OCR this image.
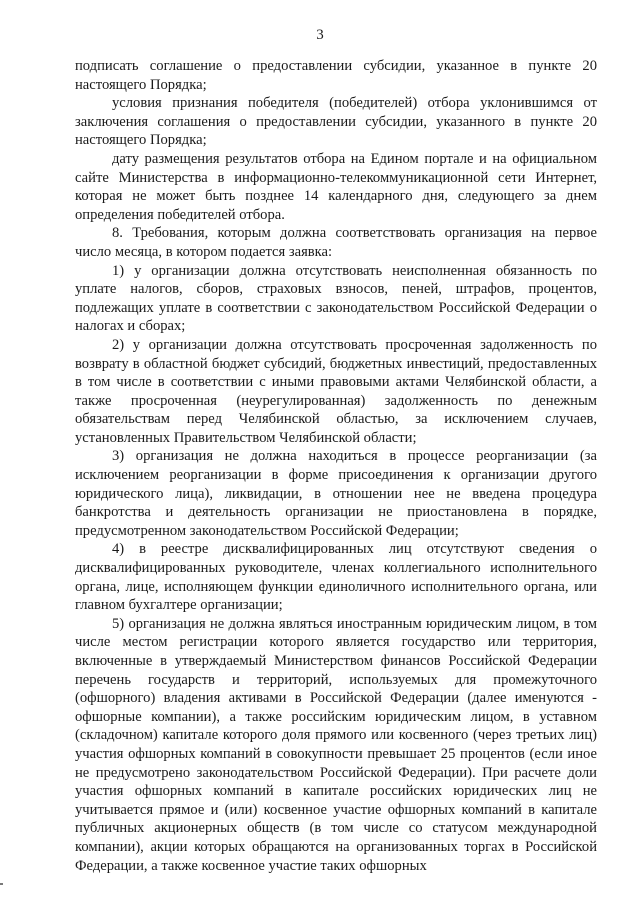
3

подписать соглашение о предоставлении субсидии, указанное в пункте 20 настоящего Порядка;

условия признания победителя (победителей) отбора уклонившимся от заключения соглашения о предоставлении субсидии, указанного в пункте 20 настоящего Порядка;

дату размещения результатов отбора на Едином портале и на официальном сайте Министерства в информационно-телекоммуникационной сети Интернет, которая не может быть позднее 14 календарного дня, следующего за днем определения победителей отбора.

8. Требования, которым должна соответствовать организация на первое число месяца, в котором подается заявка:

1) у организации должна отсутствовать неисполненная обязанность по уплате налогов, сборов, страховых взносов, пеней, штрафов, процентов, подлежащих уплате в соответствии с законодательством Российской Федерации о налогах и сборах;

2) у организации должна отсутствовать просроченная задолженность по возврату в областной бюджет субсидий, бюджетных инвестиций, предоставленных в том числе в соответствии с иными правовыми актами Челябинской области, а также просроченная (неурегулированная) задолженность по денежным обязательствам перед Челябинской областью, за исключением случаев, установленных Правительством Челябинской области;

3) организация не должна находиться в процессе реорганизации (за исключением реорганизации в форме присоединения к организации другого юридического лица), ликвидации, в отношении нее не введена процедура банкротства и деятельность организации не приостановлена в порядке, предусмотренном законодательством Российской Федерации;

4) в реестре дисквалифицированных лиц отсутствуют сведения о дисквалифицированных руководителе, членах коллегиального исполнительного органа, лице, исполняющем функции единоличного исполнительного органа, или главном бухгалтере организации;

5) организация не должна являться иностранным юридическим лицом, в том числе местом регистрации которого является государство или территория, включенные в утверждаемый Министерством финансов Российской Федерации перечень государств и территорий, используемых для промежуточного (офшорного) владения активами в Российской Федерации (далее именуются - офшорные компании), а также российским юридическим лицом, в уставном (складочном) капитале которого доля прямого или косвенного (через третьих лиц) участия офшорных компаний в совокупности превышает 25 процентов (если иное не предусмотрено законодательством Российской Федерации). При расчете доли участия офшорных компаний в капитале российских юридических лиц не учитывается прямое и (или) косвенное участие офшорных компаний в капитале публичных акционерных обществ (в том числе со статусом международной компании), акции которых обращаются на организованных торгах в Российской Федерации, а также косвенное участие таких офшорных
